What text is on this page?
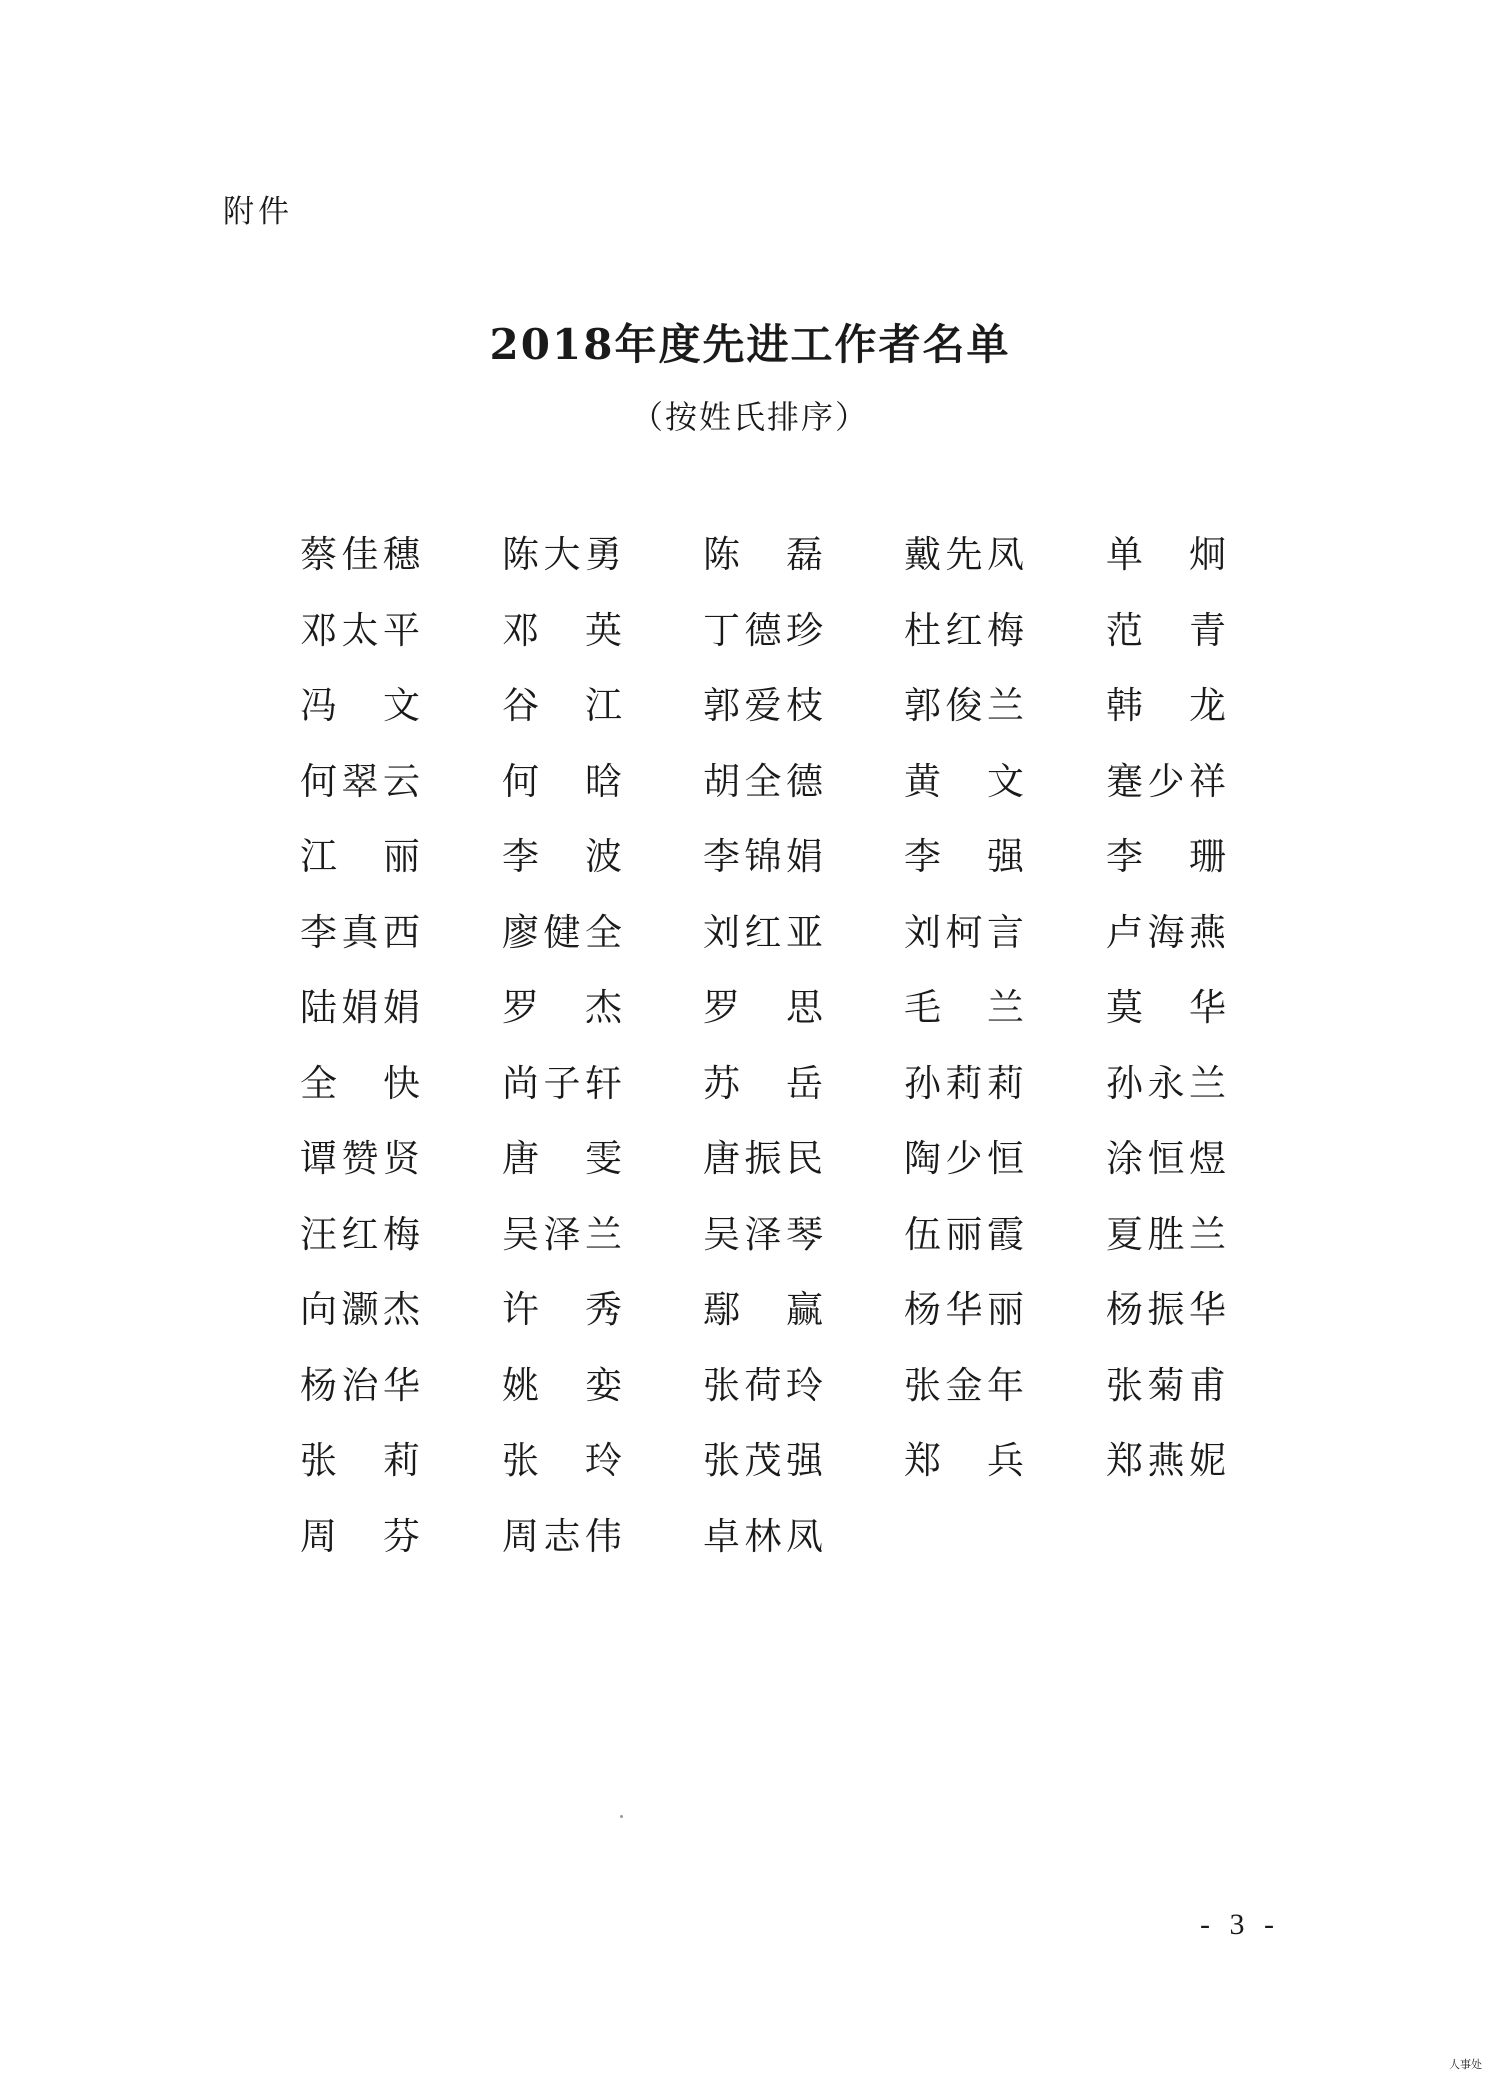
附件
2018年度先进工作者名单
（按姓氏排序）
蔡 佳 穗 陈 大 勇 陈 磊 戴 先 凤 单 炯
邓 太 平 邓 英 丁 德 珍 杜 红 梅 范 青
冯 文 谷 江 郭 爱 枝 郭 俊 兰 韩 龙
何 翠 云 何 晗 胡 全 德 黄 文 蹇 少 祥
江 丽 李 波 李 锦 娟 李 强 李 珊
李 真 西 廖 健 全 刘 红 亚 刘 柯 言 卢 海 燕
陆 娟 娟 罗 杰 罗 思 毛 兰 莫 华
全 快 尚 子 轩 苏 岳 孙 莉 莉 孙 永 兰
谭 赞 贤 唐 雯 唐 振 民 陶 少 恒 涂 恒 煜
汪 红 梅 吴 泽 兰 吴 泽 琴 伍 丽 霞 夏 胜 兰
向 灏 杰 许 秀 鄢 赢 杨 华 丽 杨 振 华
杨 治 华 姚 娈 张 荷 玲 张 金 年 张 菊 甫
张 莉 张 玲 张 茂 强 郑 兵 郑 燕 妮
周 芬 周 志 伟 卓 林 凤
- 3 -
人事处
